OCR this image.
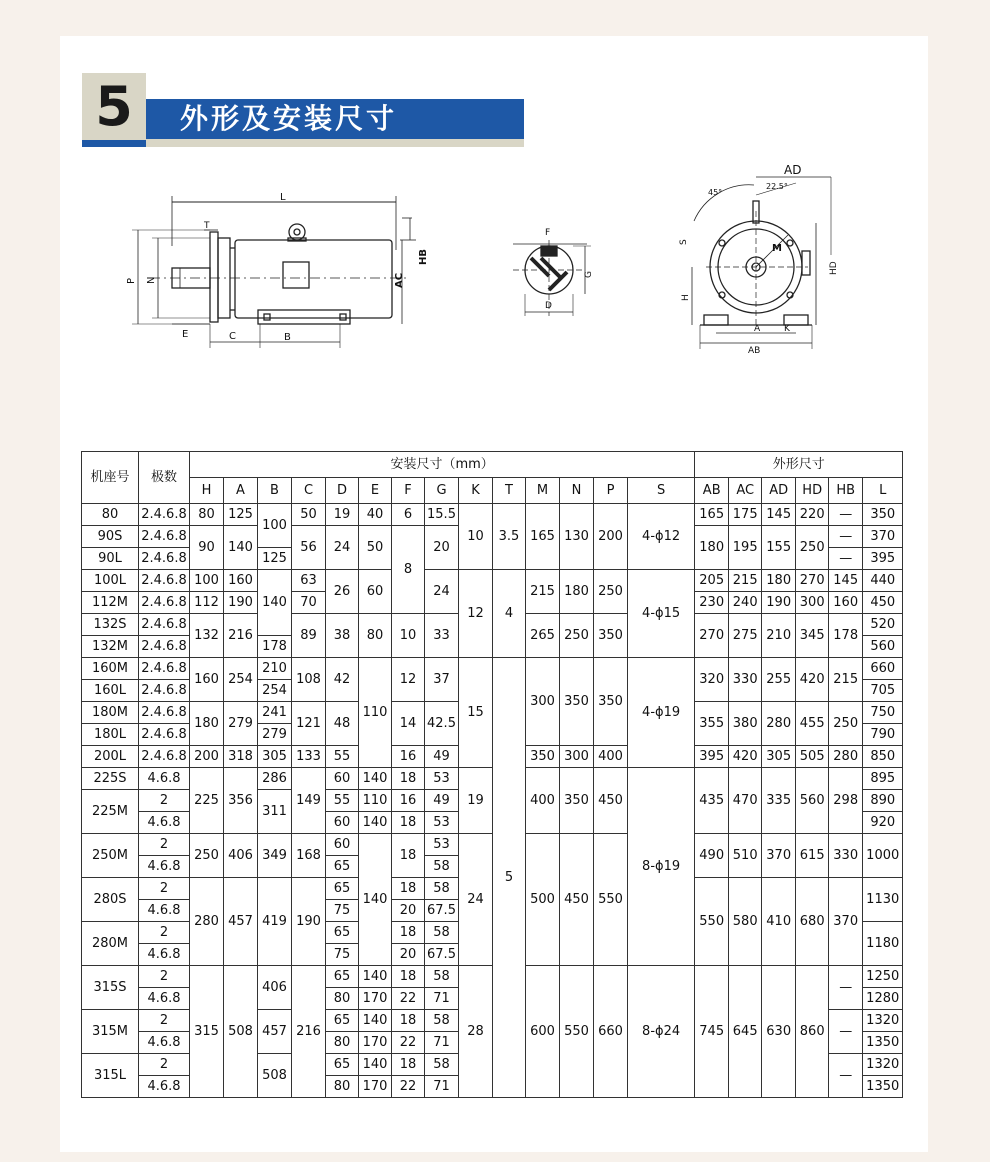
5	外形及安装尺寸
L
T
HB
AC
P N
E	C	B
F
G
D
AD
45°
22.5°
S
M
HD
H
A	K
AB
机座号	极数	安装尺寸（mm）														外形尺寸					
		H	A	B	C	D	E	F	G	K	T	M	N	P	S	AB	AC	AD	HD	HB	L
80	2.4.6.8	80	125	100	50	19	40	6	15.5	10	3.5	165	130	200	4-ϕ12	165	175	145	220	—	350
90S	2.4.6.8	90	140		56	24	50	8	20							180	195	155	250	—	370
90L	2.4.6.8			125																—	395
100L	2.4.6.8	100	160	140	63	26	60		24	12	4	215	180	250	4-ϕ15	205	215	180	270	145	440
112M	2.4.6.8	112	190		70											230	240	190	300	160	450
132S	2.4.6.8	132	216		89	38	80	10	33			265	250	350		270	275	210	345	178	520
132M	2.4.6.8			178																	560
160M	2.4.6.8	160	254	210	108	42	110	12	37	15	5	300	350	350	4-ϕ19	320	330	255	420	215	660
160L	2.4.6.8			254																	705
180M	2.4.6.8	180	279	241	121	48		14	42.5							355	380	280	455	250	750
180L	2.4.6.8			279																	790
200L	2.4.6.8	200	318	305	133	55		16	49			350	300	400		395	420	305	505	280	850
225S	4.6.8	225	356	286	149	60	140	18	53	19		400	350	450	8-ϕ19	435	470	335	560	298	895
225M	2			311		55	110	16	49												890
	4.6.8					60	140	18	53												920
250M	2	250	406	349	168	60	140	18	53	24		500	450	550		490	510	370	615	330	1000
	4.6.8					65			58												
280S	2	280	457	419	190	65		18	58							550	580	410	680	370	1130
	4.6.8					75		20	67.5												
280M	2					65		18	58												1180
	4.6.8					75		20	67.5												
315S	2	315	508	406	216	65	140	18	58	28		600	550	660	8-ϕ24	745	645	630	860	—	1250
	4.6.8					80	170	22	71												1280
315M	2			457		65	140	18	58											—	1320
	4.6.8					80	170	22	71												1350
315L	2			508		65	140	18	58											—	1320
	4.6.8					80	170	22	71												1350
